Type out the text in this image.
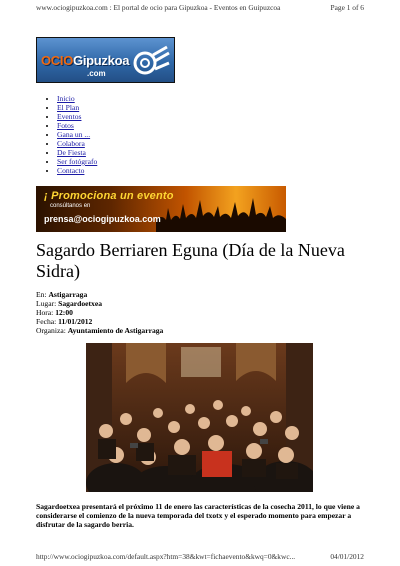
www.ociogipuzkoa.com : El portal de ocio para Gipuzkoa - Eventos en Guipuzcoa	Page 1 of 6
OCIOGipuzkoa
.com
• Inicio
• El Plan
• Eventos
• Fotos
• Gana un ...
• Colabora
• De Fiesta
• Ser fotógrafo
• Contacto
¡ Promociona un evento
consúltanos en
prensa@ociogipuzkoa.com
Sagardo Berriaren Eguna (Día de la Nueva Sidra)
En: Astigarraga
Lugar: Sagardoetxea
Hora: 12:00
Fecha: 11/01/2012
Organiza: Ayuntamiento de Astigarraga

Sagardoetxea presentará el próximo 11 de enero las características de la cosecha 2011, lo que viene a considerarse el comienzo de la nueva temporada del txotx y el esperado momento para empezar a disfrutar de la sagardo berria.

http://www.ociogipuzkoa.com/default.aspx?htm=38&kwt=fichaevento&kwq=0&kwc...	04/01/2012
